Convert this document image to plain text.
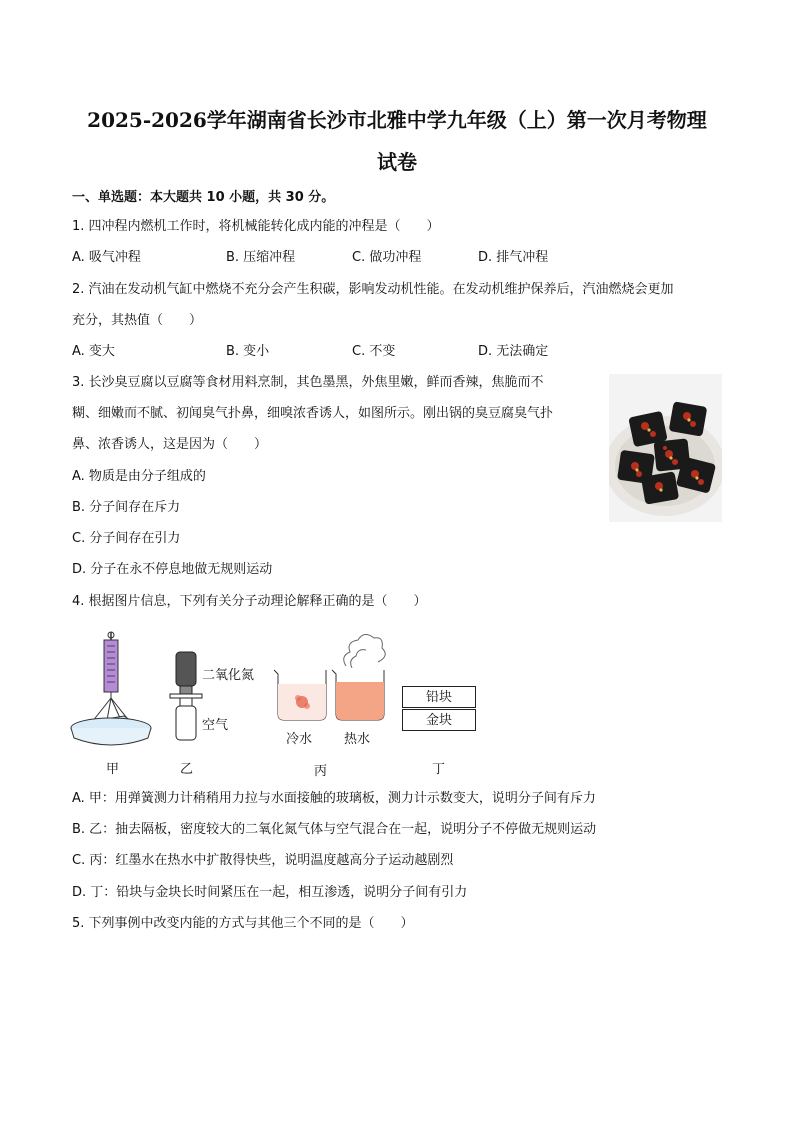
2025-2026学年湖南省长沙市北雅中学九年级（上）第一次月考物理
试卷
一、单选题：本大题共 10 小题，共 30 分。
1. 四冲程内燃机工作时，将机械能转化成内能的冲程是（　　）
A. 吸气冲程	B. 压缩冲程	C. 做功冲程	D. 排气冲程
2. 汽油在发动机气缸中燃烧不充分会产生积碳，影响发动机性能。在发动机维护保养后，汽油燃烧会更加
充分，其热值（　　）
A. 变大	B. 变小	C. 不变	D. 无法确定
3. 长沙臭豆腐以豆腐等食材用料烹制，其色墨黑，外焦里嫩，鲜而香辣，焦脆而不
糊、细嫩而不腻、初闻臭气扑鼻，细嗅浓香诱人，如图所示。刚出锅的臭豆腐臭气扑
鼻、浓香诱人，这是因为（　　）
A. 物质是由分子组成的
B. 分子间存在斥力
C. 分子间存在引力
D. 分子在永不停息地做无规则运动
4. 根据图片信息，下列有关分子动理论解释正确的是（　　）
二氧化氮
空气
冷水 热水
甲	乙	丙	丁
铅块
金块
A. 甲：用弹簧测力计稍稍用力拉与水面接触的玻璃板，测力计示数变大，说明分子间有斥力
B. 乙：抽去隔板，密度较大的二氧化氮气体与空气混合在一起，说明分子不停做无规则运动
C. 丙：红墨水在热水中扩散得快些，说明温度越高分子运动越剧烈
D. 丁：铅块与金块长时间紧压在一起，相互渗透，说明分子间有引力
5. 下列事例中改变内能的方式与其他三个不同的是（　　）
